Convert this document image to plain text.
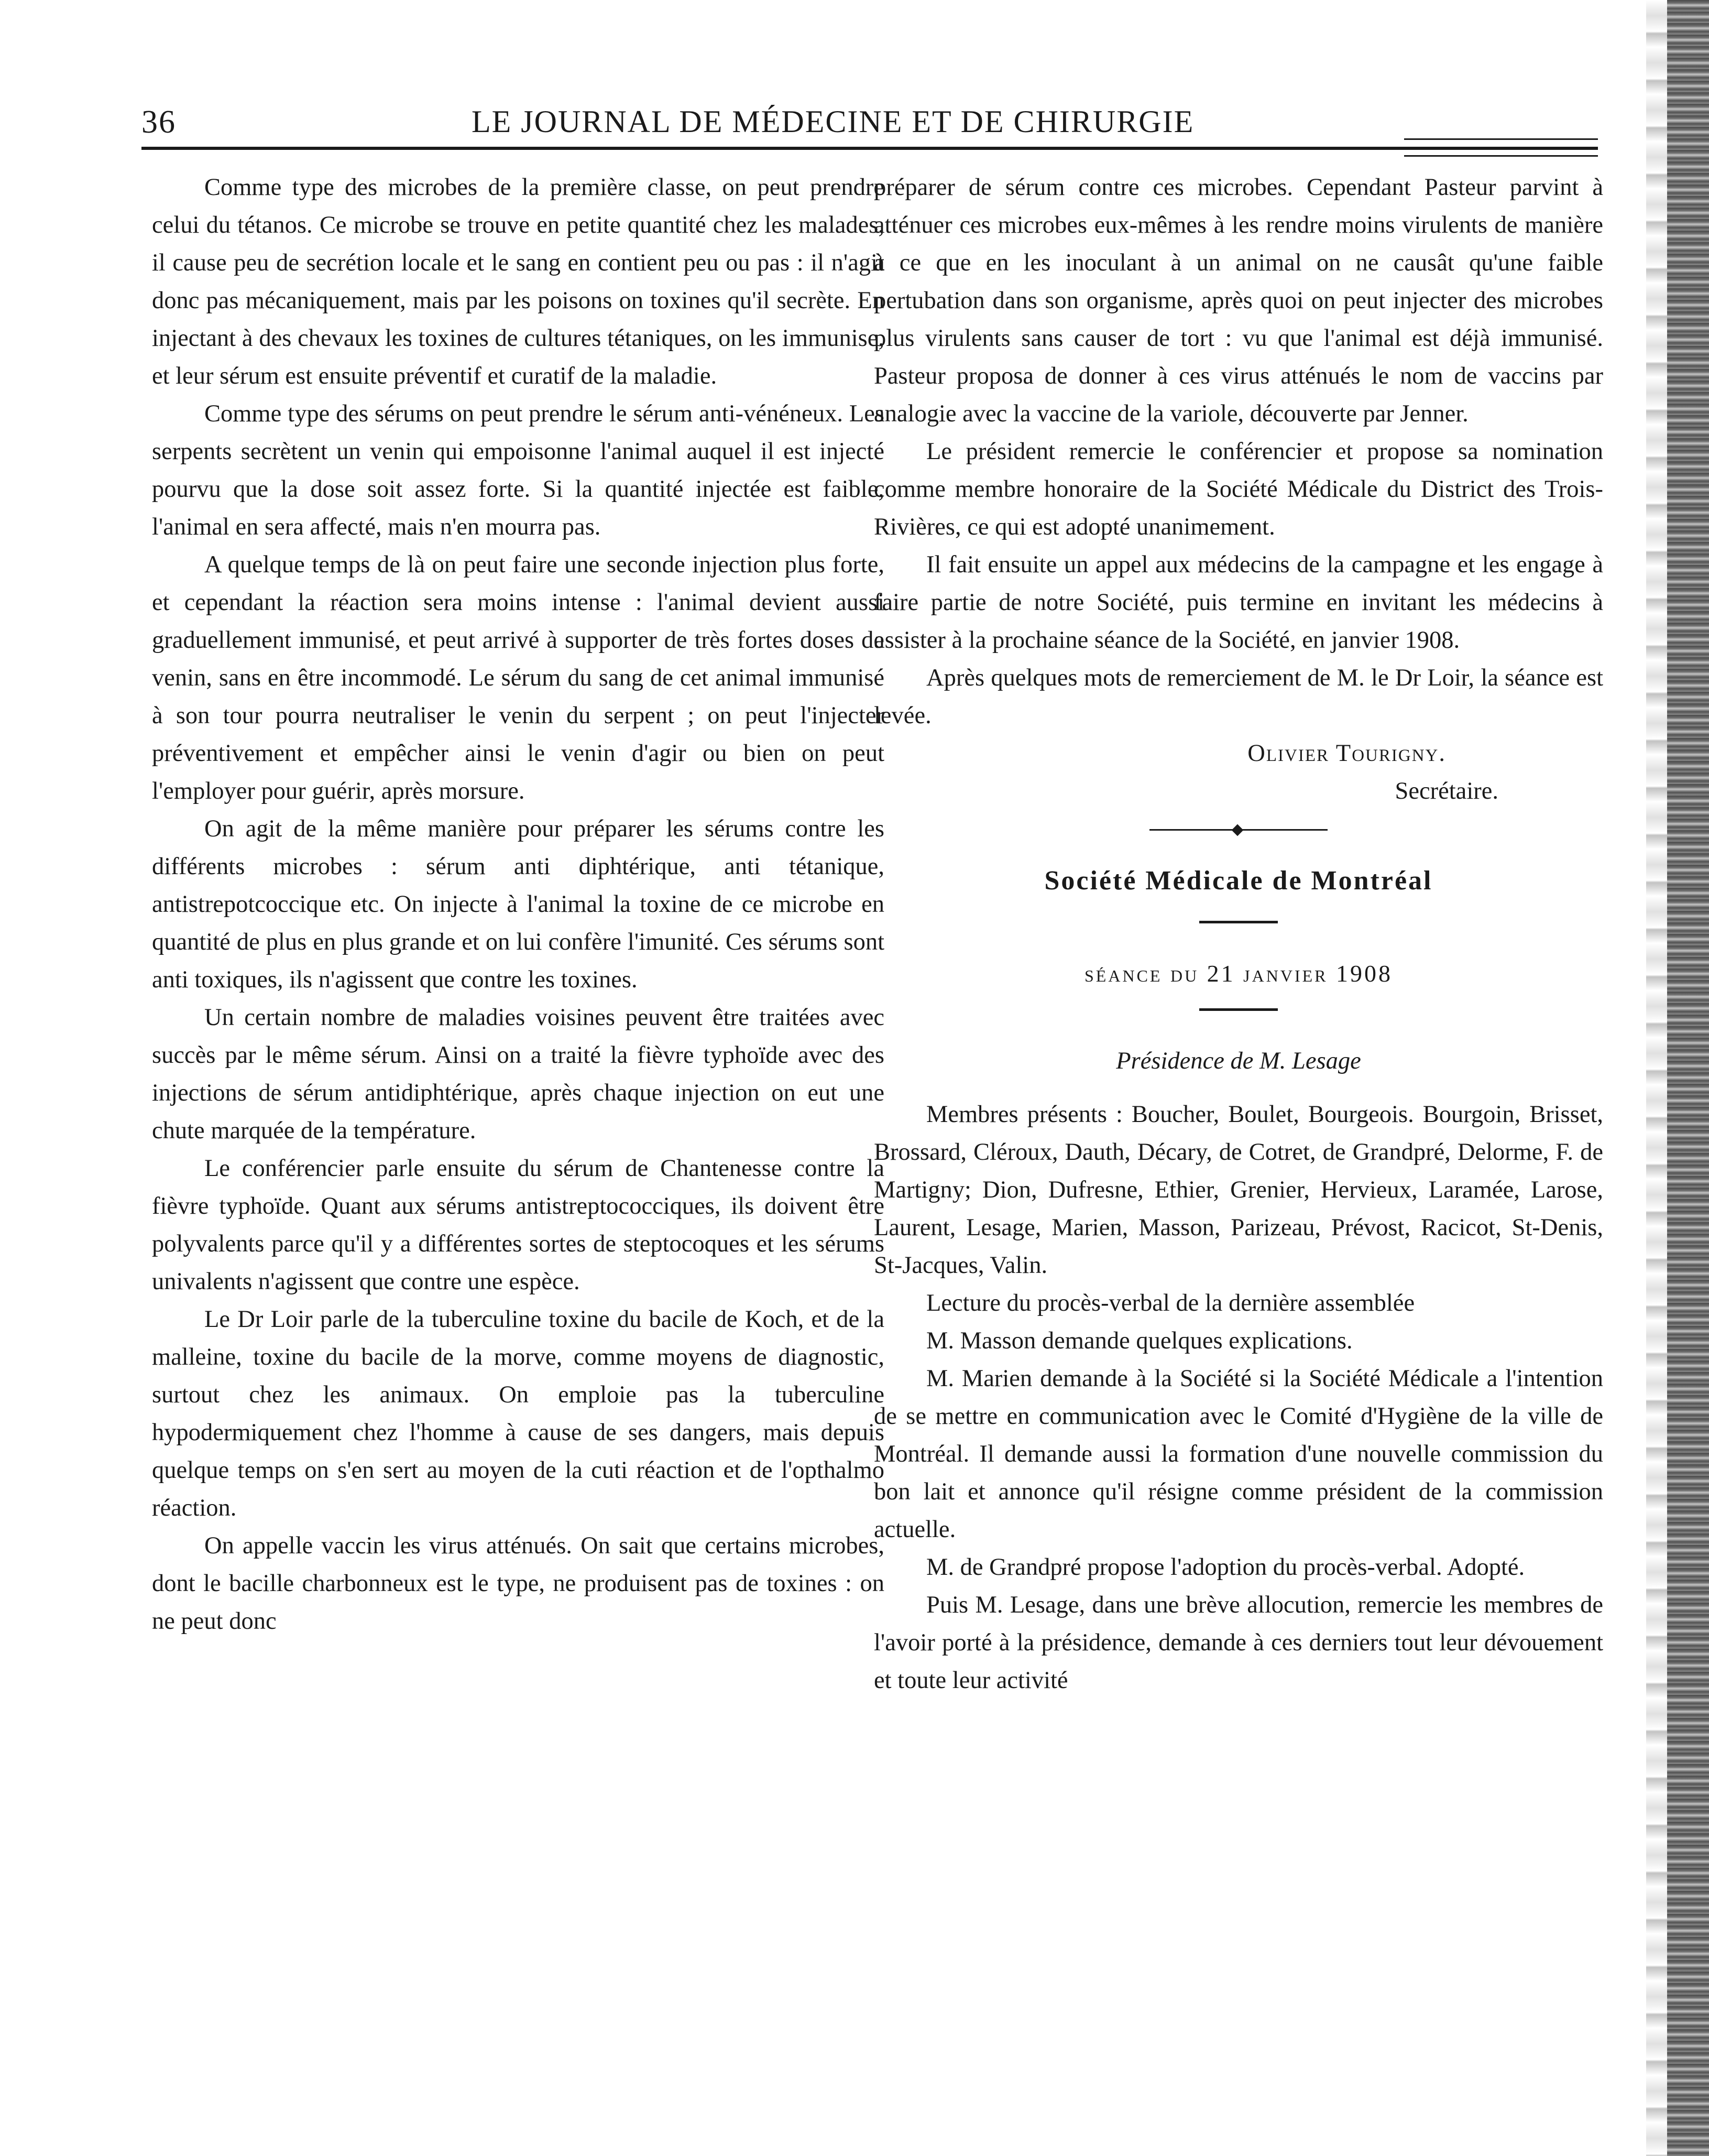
36	LE JOURNAL DE MÉDECINE ET DE CHIRURGIE

Comme type des microbes de la première classe, on peut prendre celui du tétanos. Ce microbe se trouve en petite quantité chez les malades, il cause peu de secrétion locale et le sang en contient peu ou pas : il n'agit donc pas mécaniquement, mais par les poisons on toxines qu'il secrète. En injectant à des chevaux les toxines de cultures tétaniques, on les immunise, et leur sérum est ensuite préventif et curatif de la maladie.

Comme type des sérums on peut prendre le sérum anti-vénéneux. Les serpents secrètent un venin qui empoisonne l'animal auquel il est injecté pourvu que la dose soit assez forte. Si la quantité injectée est faible, l'animal en sera affecté, mais n'en mourra pas.

A quelque temps de là on peut faire une seconde injection plus forte, et cependant la réaction sera moins intense : l'animal devient aussi graduellement immunisé, et peut arrivé à supporter de très fortes doses de venin, sans en être incommodé. Le sérum du sang de cet animal immunisé à son tour pourra neutraliser le venin du serpent ; on peut l'injecter préventivement et empêcher ainsi le venin d'agir ou bien on peut l'employer pour guérir, après morsure.

On agit de la même manière pour préparer les sérums contre les différents microbes : sérum anti diphtérique, anti tétanique, antistrepotcoccique etc. On injecte à l'animal la toxine de ce microbe en quantité de plus en plus grande et on lui confère l'imunité. Ces sérums sont anti toxiques, ils n'agissent que contre les toxines.

Un certain nombre de maladies voisines peuvent être traitées avec succès par le même sérum. Ainsi on a traité la fièvre typhoïde avec des injections de sérum antidiphtérique, après chaque injection on eut une chute marquée de la température.

Le conférencier parle ensuite du sérum de Chantenesse contre la fièvre typhoïde. Quant aux sérums antistreptococciques, ils doivent être polyvalents parce qu'il y a différentes sortes de steptocoques et les sérums univalents n'agissent que contre une espèce.

Le Dr Loir parle de la tuberculine toxine du bacile de Koch, et de la malleine, toxine du bacile de la morve, comme moyens de diagnostic, surtout chez les animaux. On emploie pas la tuberculine hypodermiquement chez l'homme à cause de ses dangers, mais depuis quelque temps on s'en sert au moyen de la cuti réaction et de l'opthalmo réaction.

On appelle vaccin les virus atténués. On sait que certains microbes, dont le bacille charbonneux est le type, ne produisent pas de toxines : on ne peut donc

préparer de sérum contre ces microbes. Cependant Pasteur parvint à atténuer ces microbes eux-mêmes à les rendre moins virulents de manière à ce que en les inoculant à un animal on ne causât qu'une faible pertubation dans son organisme, après quoi on peut injecter des microbes plus virulents sans causer de tort : vu que l'animal est déjà immunisé. Pasteur proposa de donner à ces virus atténués le nom de vaccins par analogie avec la vaccine de la variole, découverte par Jenner.

Le président remercie le conférencier et propose sa nomination comme membre honoraire de la Société Médicale du District des Trois-Rivières, ce qui est adopté unanimement.

Il fait ensuite un appel aux médecins de la campagne et les engage à faire partie de notre Société, puis termine en invitant les médecins à assister à la prochaine séance de la Société, en janvier 1908.

Après quelques mots de remerciement de M. le Dr Loir, la séance est levée.

Olivier Tourigny.
Secrétaire.
Société Médicale de Montréal
séance du 21 janvier 1908
Présidence de M. Lesage

Membres présents : Boucher, Boulet, Bourgeois. Bourgoin, Brisset, Brossard, Cléroux, Dauth, Décary, de Cotret, de Grandpré, Delorme, F. de Martigny; Dion, Dufresne, Ethier, Grenier, Hervieux, Laramée, Larose, Laurent, Lesage, Marien, Masson, Parizeau, Prévost, Racicot, St-Denis, St-Jacques, Valin.

Lecture du procès-verbal de la dernière assemblée

M. Masson demande quelques explications.

M. Marien demande à la Société si la Société Médicale a l'intention de se mettre en communication avec le Comité d'Hygiène de la ville de Montréal. Il demande aussi la formation d'une nouvelle commission du bon lait et annonce qu'il résigne comme président de la commission actuelle.

M. de Grandpré propose l'adoption du procès-verbal. Adopté.

Puis M. Lesage, dans une brève allocution, remercie les membres de l'avoir porté à la présidence, demande à ces derniers tout leur dévouement et toute leur activité
